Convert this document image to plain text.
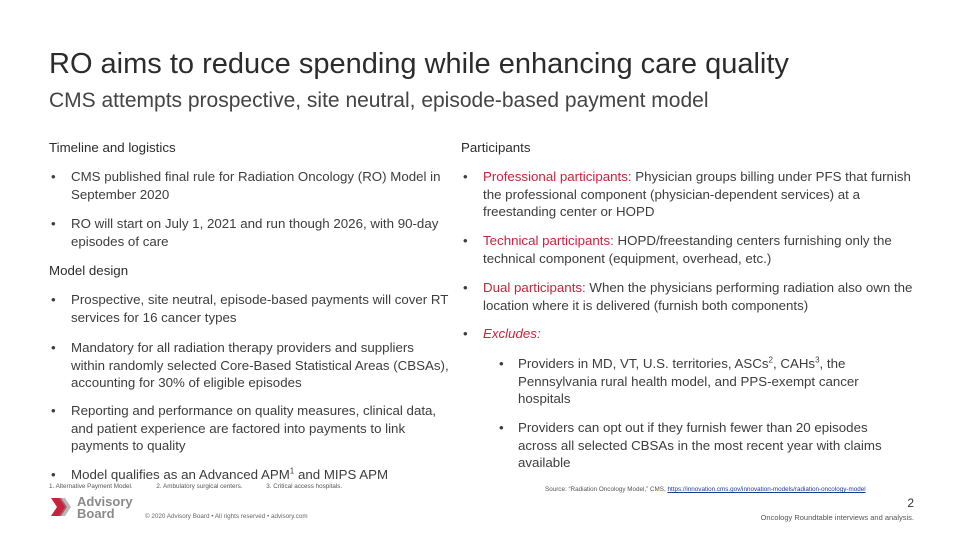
RO aims to reduce spending while enhancing care quality
CMS attempts prospective, site neutral, episode-based payment model
Timeline and logistics
• CMS published final rule for Radiation Oncology (RO) Model in September 2020
• RO will start on July 1, 2021 and run though 2026, with 90-day episodes of care
Model design
• Prospective, site neutral, episode-based payments will cover RT services for 16 cancer types
• Mandatory for all radiation therapy providers and suppliers within randomly selected Core-Based Statistical Areas (CBSAs), accounting for 30% of eligible episodes
• Reporting and performance on quality measures, clinical data, and patient experience are factored into payments to link payments to quality
• Model qualifies as an Advanced APM$^1$ and MIPS APM
Participants
• Professional participants: Physician groups billing under PFS that furnish the professional component (physician-dependent services) at a freestanding center or HOPD
• Technical participants: HOPD/freestanding centers furnishing only the technical component (equipment, overhead, etc.)
• Dual participants: When the physicians performing radiation also own the location where it is delivered (furnish both components)
• Excludes:
• Providers in MD, VT, U.S. territories, ASCs$^2$, CAHs$^3$, the Pennsylvania rural health model, and PPS-exempt cancer hospitals
• Providers can opt out if they furnish fewer than 20 episodes across all selected CBSAs in the most recent year with claims available
1. Alternative Payment Model.	2. Ambulatory surgical centers.	3. Critical access hospitals.	Source: “Radiation Oncology Model,” CMS, https://innovation.cms.gov/innovation-models/radiation-oncology-model
Advisory
Board	© 2020 Advisory Board • All rights reserved • advisory.com
2
Oncology Roundtable interviews and analysis.
